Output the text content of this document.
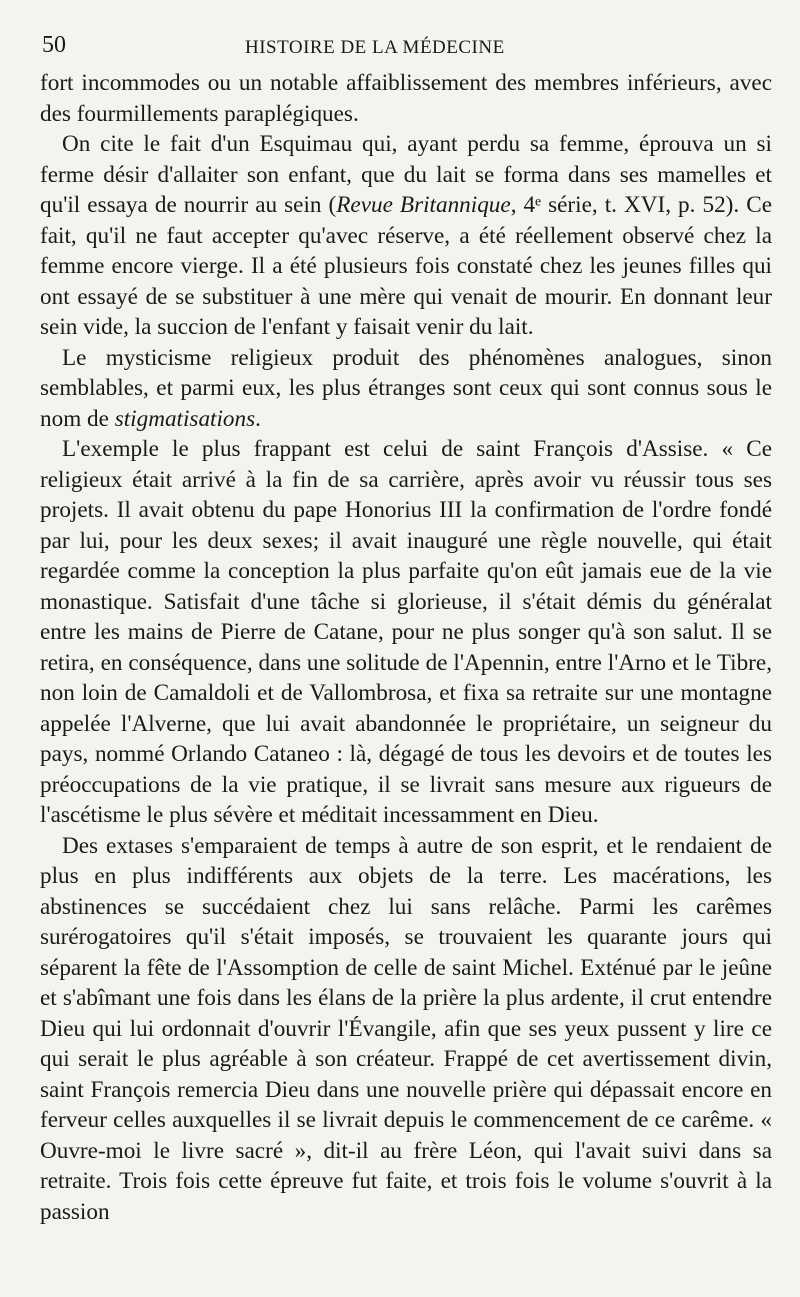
50	HISTOIRE DE LA MÉDECINE

fort incommodes ou un notable affaiblissement des membres inférieurs, avec des fourmillements paraplégiques.

On cite le fait d'un Esquimau qui, ayant perdu sa femme, éprouva un si ferme désir d'allaiter son enfant, que du lait se forma dans ses mamelles et qu'il essaya de nourrir au sein (Revue Britannique, 4ᵉ série, t. XVI, p. 52). Ce fait, qu'il ne faut accepter qu'avec réserve, a été réellement observé chez la femme encore vierge. Il a été plusieurs fois constaté chez les jeunes filles qui ont essayé de se substituer à une mère qui venait de mourir. En donnant leur sein vide, la succion de l'enfant y faisait venir du lait.

Le mysticisme religieux produit des phénomènes analogues, sinon semblables, et parmi eux, les plus étranges sont ceux qui sont connus sous le nom de stigmatisations.

L'exemple le plus frappant est celui de saint François d'Assise. « Ce religieux était arrivé à la fin de sa carrière, après avoir vu réussir tous ses projets. Il avait obtenu du pape Honorius III la confirmation de l'ordre fondé par lui, pour les deux sexes; il avait inauguré une règle nouvelle, qui était regardée comme la conception la plus parfaite qu'on eût jamais eue de la vie monastique. Satisfait d'une tâche si glorieuse, il s'était démis du généralat entre les mains de Pierre de Catane, pour ne plus songer qu'à son salut. Il se retira, en conséquence, dans une solitude de l'Apennin, entre l'Arno et le Tibre, non loin de Camaldoli et de Vallombrosa, et fixa sa retraite sur une montagne appelée l'Alverne, que lui avait abandonnée le propriétaire, un seigneur du pays, nommé Orlando Cataneo : là, dégagé de tous les devoirs et de toutes les préoccupations de la vie pratique, il se livrait sans mesure aux rigueurs de l'ascétisme le plus sévère et méditait incessamment en Dieu.

Des extases s'emparaient de temps à autre de son esprit, et le rendaient de plus en plus indifférents aux objets de la terre. Les macérations, les abstinences se succédaient chez lui sans relâche. Parmi les carêmes surérogatoires qu'il s'était imposés, se trouvaient les quarante jours qui séparent la fête de l'Assomption de celle de saint Michel. Exténué par le jeûne et s'abîmant une fois dans les élans de la prière la plus ardente, il crut entendre Dieu qui lui ordonnait d'ouvrir l'Évangile, afin que ses yeux pussent y lire ce qui serait le plus agréable à son créateur. Frappé de cet avertissement divin, saint François remercia Dieu dans une nouvelle prière qui dépassait encore en ferveur celles auxquelles il se livrait depuis le commencement de ce carême. « Ouvre-moi le livre sacré », dit-il au frère Léon, qui l'avait suivi dans sa retraite. Trois fois cette épreuve fut faite, et trois fois le volume s'ouvrit à la passion
